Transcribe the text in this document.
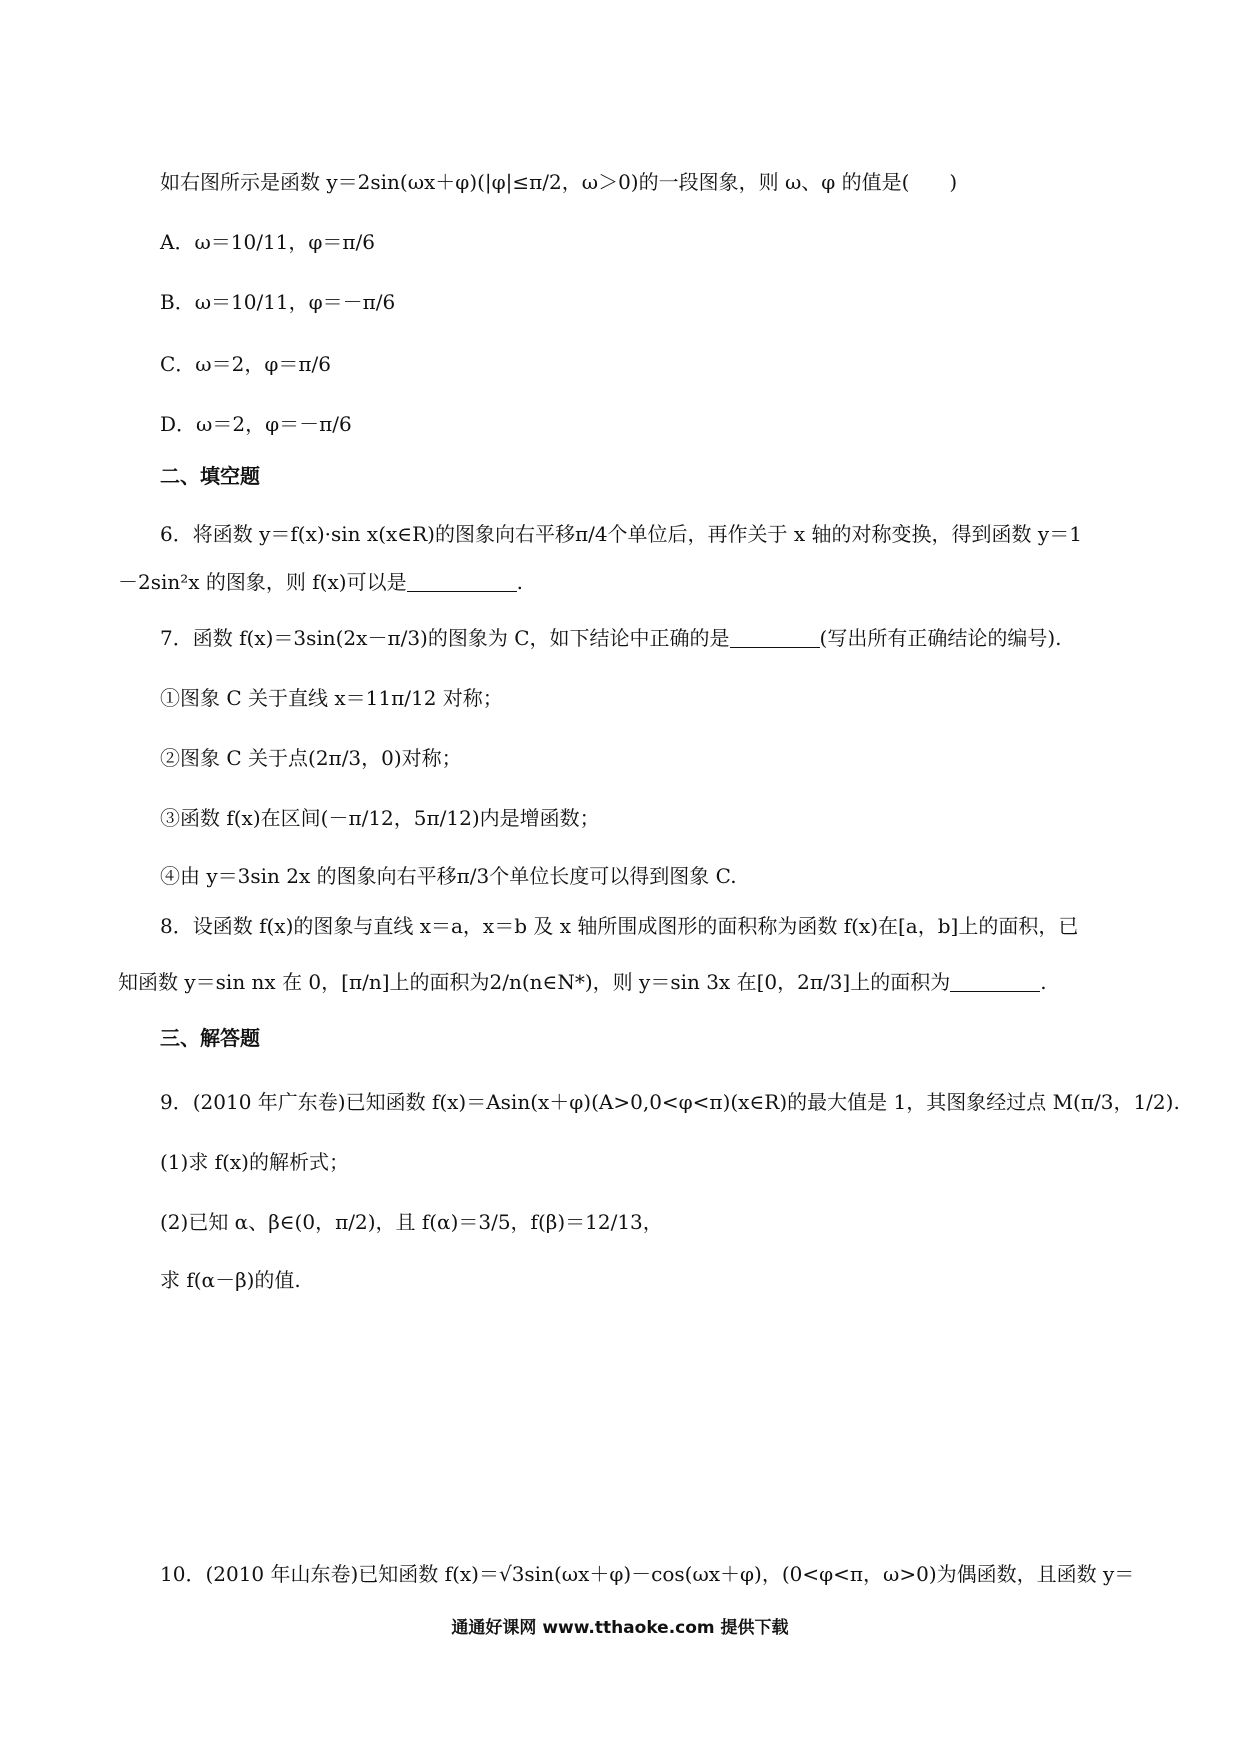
如右图所示是函数 y＝2sin(ωx＋φ)(|φ|≤π/2，ω＞0)的一段图象，则 ω、φ 的值是(　　)
A．ω＝10/11，φ＝π/6
B．ω＝10/11，φ＝－π/6
C．ω＝2，φ＝π/6
D．ω＝2，φ＝－π/6
二、填空题
6．将函数 y＝f(x)·sin x(x∈R)的图象向右平移π/4个单位后，再作关于 x 轴的对称变换，得到函数 y＝1
－2sin²x 的图象，则 f(x)可以是	.
7．函数 f(x)＝3sin(2x－π/3)的图象为 C，如下结论中正确的是	(写出所有正确结论的编号).
①图象 C 关于直线 x＝11π/12 对称；
②图象 C 关于点(2π/3，0)对称；
③函数 f(x)在区间(－π/12，5π/12)内是增函数；
④由 y＝3sin 2x 的图象向右平移π/3个单位长度可以得到图象 C.
8．设函数 f(x)的图象与直线 x＝a，x＝b 及 x 轴所围成图形的面积称为函数 f(x)在[a，b]上的面积，已
知函数 y＝sin nx 在 0，[π/n]上的面积为2/n(n∈N*)，则 y＝sin 3x 在[0，2π/3]上的面积为	.
三、解答题
9．(2010 年广东卷)已知函数 f(x)＝Asin(x＋φ)(A>0,0<φ<π)(x∈R)的最大值是 1，其图象经过点 M(π/3，1/2).
(1)求 f(x)的解析式；
(2)已知 α、β∈(0，π/2)，且 f(α)＝3/5，f(β)＝12/13，
求 f(α－β)的值.
10．(2010 年山东卷)已知函数 f(x)＝√3sin(ωx＋φ)－cos(ωx＋φ)，(0<φ<π，ω>0)为偶函数，且函数 y＝
通通好课网 www.tthaoke.com 提供下载
